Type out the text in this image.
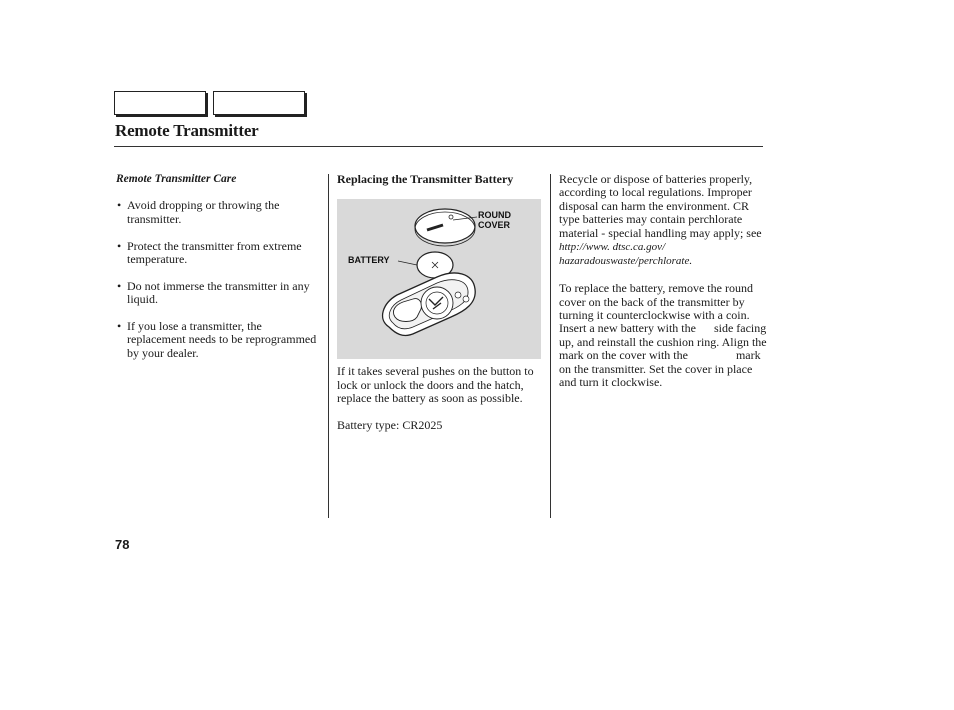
Remote Transmitter
Remote Transmitter Care
• Avoid dropping or throwing the transmitter.
• Protect the transmitter from extreme temperature.
• Do not immerse the transmitter in any liquid.
• If you lose a transmitter, the replacement needs to be reprogrammed by your dealer.
Replacing the Transmitter Battery
ROUND
COVER
BATTERY

If it takes several pushes on the button to lock or unlock the doors and the hatch, replace the battery as soon as possible.

Battery type: CR2025

Recycle or dispose of batteries properly, according to local regulations. Improper disposal can harm the environment. CR type batteries may contain perchlorate material - special handling may apply; see http://www. dtsc.ca.gov/ hazaradouswaste/perchlorate.

To replace the battery, remove the round cover on the back of the transmitter by turning it counterclockwise with a coin. Insert a new battery with the      side facing up, and reinstall the cushion ring. Align the                mark on the cover with the                mark on the transmitter. Set the cover in place and turn it clockwise.

78
